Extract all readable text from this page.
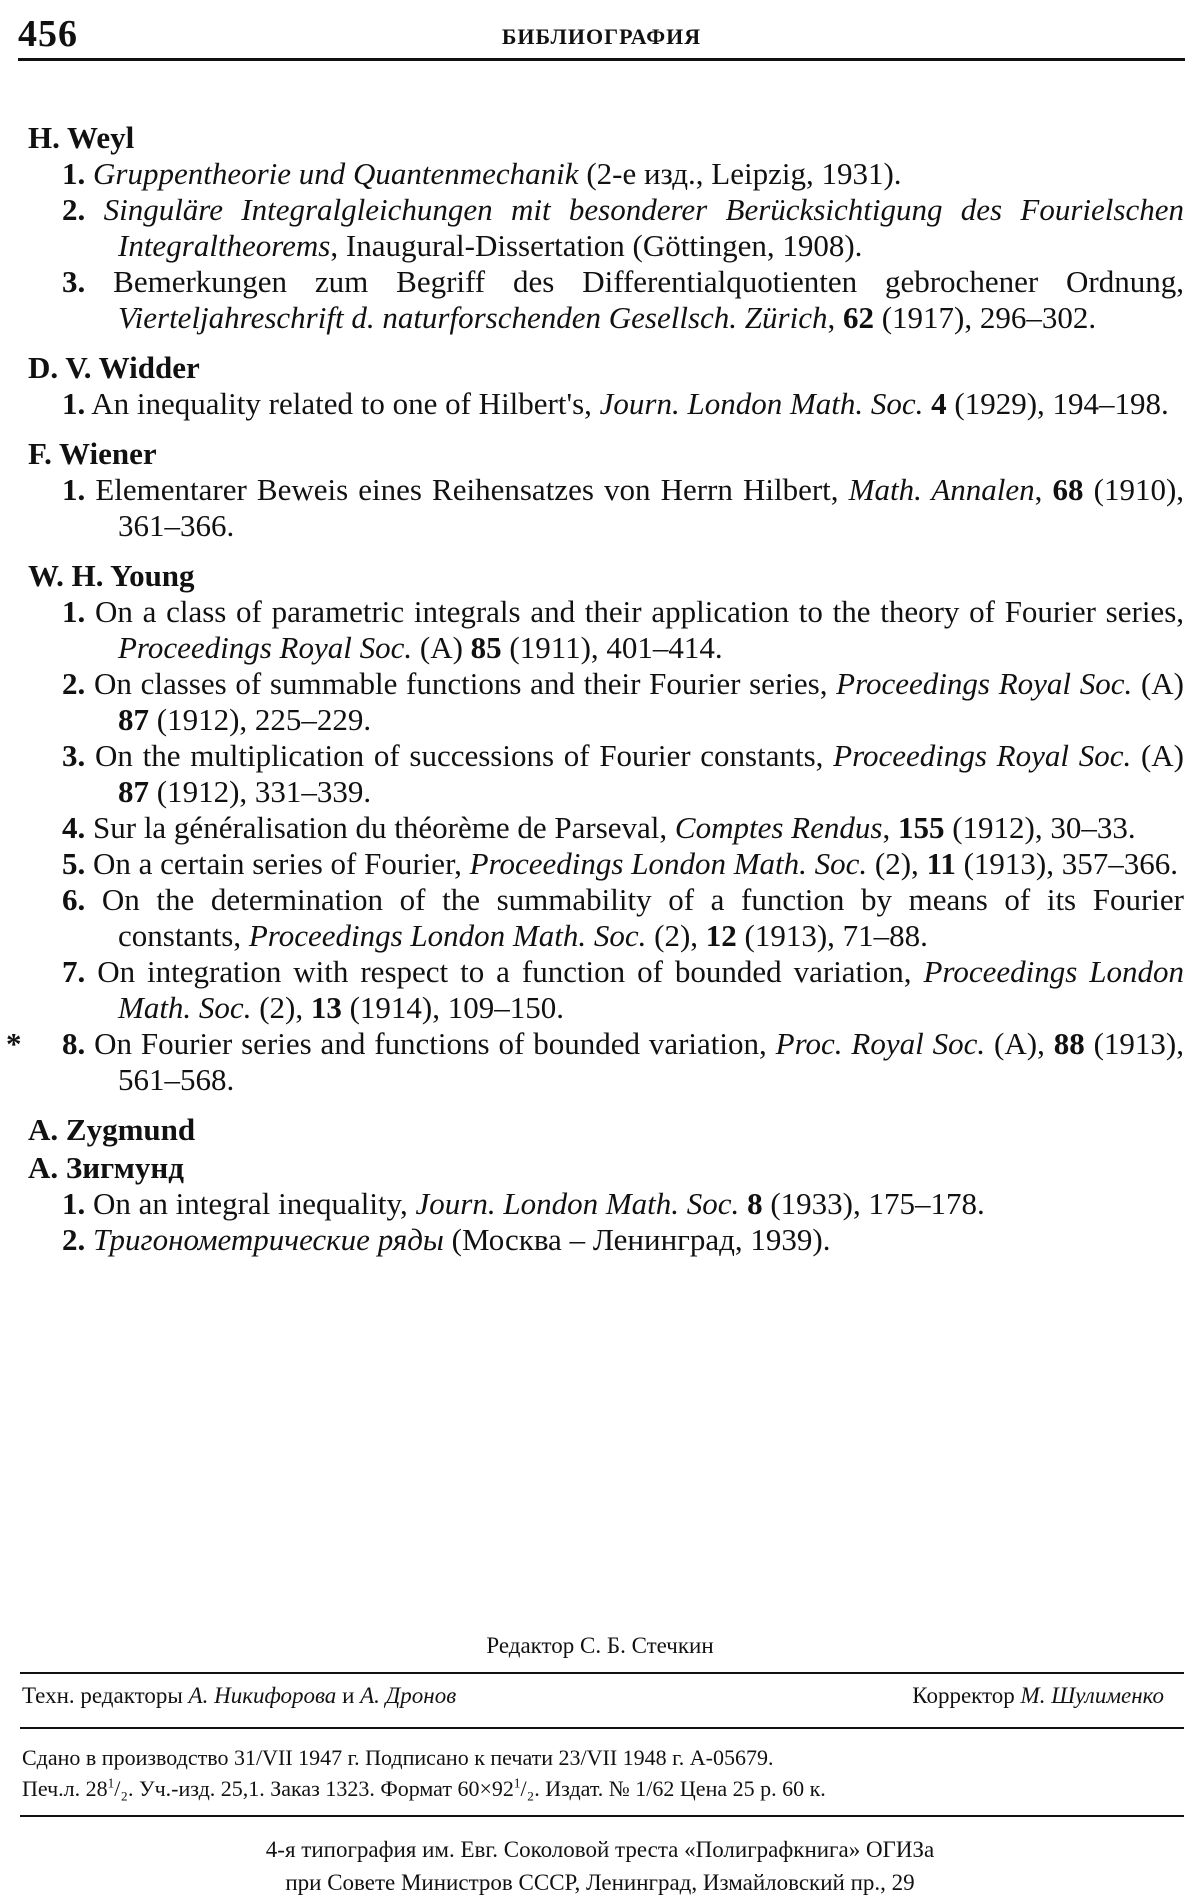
456	БИБЛИОГРАФИЯ
H. Weyl

1. Gruppentheorie und Quantenmechanik (2-е изд., Leipzig, 1931).

2. Singuläre Integralgleichungen mit besonderer Berücksichtigung des Fourielschen Integraltheorems, Inaugural-Dissertation (Göttingen, 1908).

3. Bemerkungen zum Begriff des Differentialquotienten gebrochener Ordnung, Vierteljahreschrift d. naturforschenden Gesellsch. Zürich, 62 (1917), 296–302.

D. V. Widder

1. An inequality related to one of Hilbert's, Journ. London Math. Soc. 4 (1929), 194–198.

F. Wiener

1. Elementarer Beweis eines Reihensatzes von Herrn Hilbert, Math. Annalen, 68 (1910), 361–366.

W. H. Young

1. On a class of parametric integrals and their application to the theory of Fourier series, Proceedings Royal Soc. (A) 85 (1911), 401–414.

2. On classes of summable functions and their Fourier series, Proceedings Royal Soc. (A) 87 (1912), 225–229.

3. On the multiplication of successions of Fourier constants, Proceedings Royal Soc. (A) 87 (1912), 331–339.

4. Sur la généralisation du théorème de Parseval, Comptes Rendus, 155 (1912), 30–33.

5. On a certain series of Fourier, Proceedings London Math. Soc. (2), 11 (1913), 357–366.

6. On the determination of the summability of a function by means of its Fourier constants, Proceedings London Math. Soc. (2), 12 (1913), 71–88.

7. On integration with respect to a function of bounded variation, Proceedings London Math. Soc. (2), 13 (1914), 109–150.

* 8. On Fourier series and functions of bounded variation, Proc. Royal Soc. (A), 88 (1913), 561–568.

A. Zygmund
А. Зигмунд

1. On an integral inequality, Journ. London Math. Soc. 8 (1933), 175–178.

2. Тригонометрические ряды (Москва – Ленинград, 1939).

Редактор С. Б. Стечкин
Техн. редакторы А. Никифорова и А. Дронов	Корректор М. Шулименко
Сдано в производство 31/VII 1947 г. Подписано к печати 23/VII 1948 г. А-05679.
Печ.л. $28^1/_2$. Уч.-изд. 25,1. Заказ 1323. Формат $60\times 92^1/_2$. Издат. № 1/62 Цена 25 р. 60 к.
4-я типография им. Евг. Соколовой треста «Полиграфкнига» ОГИЗа
при Совете Министров СССР, Ленинград, Измайловский пр., 29
